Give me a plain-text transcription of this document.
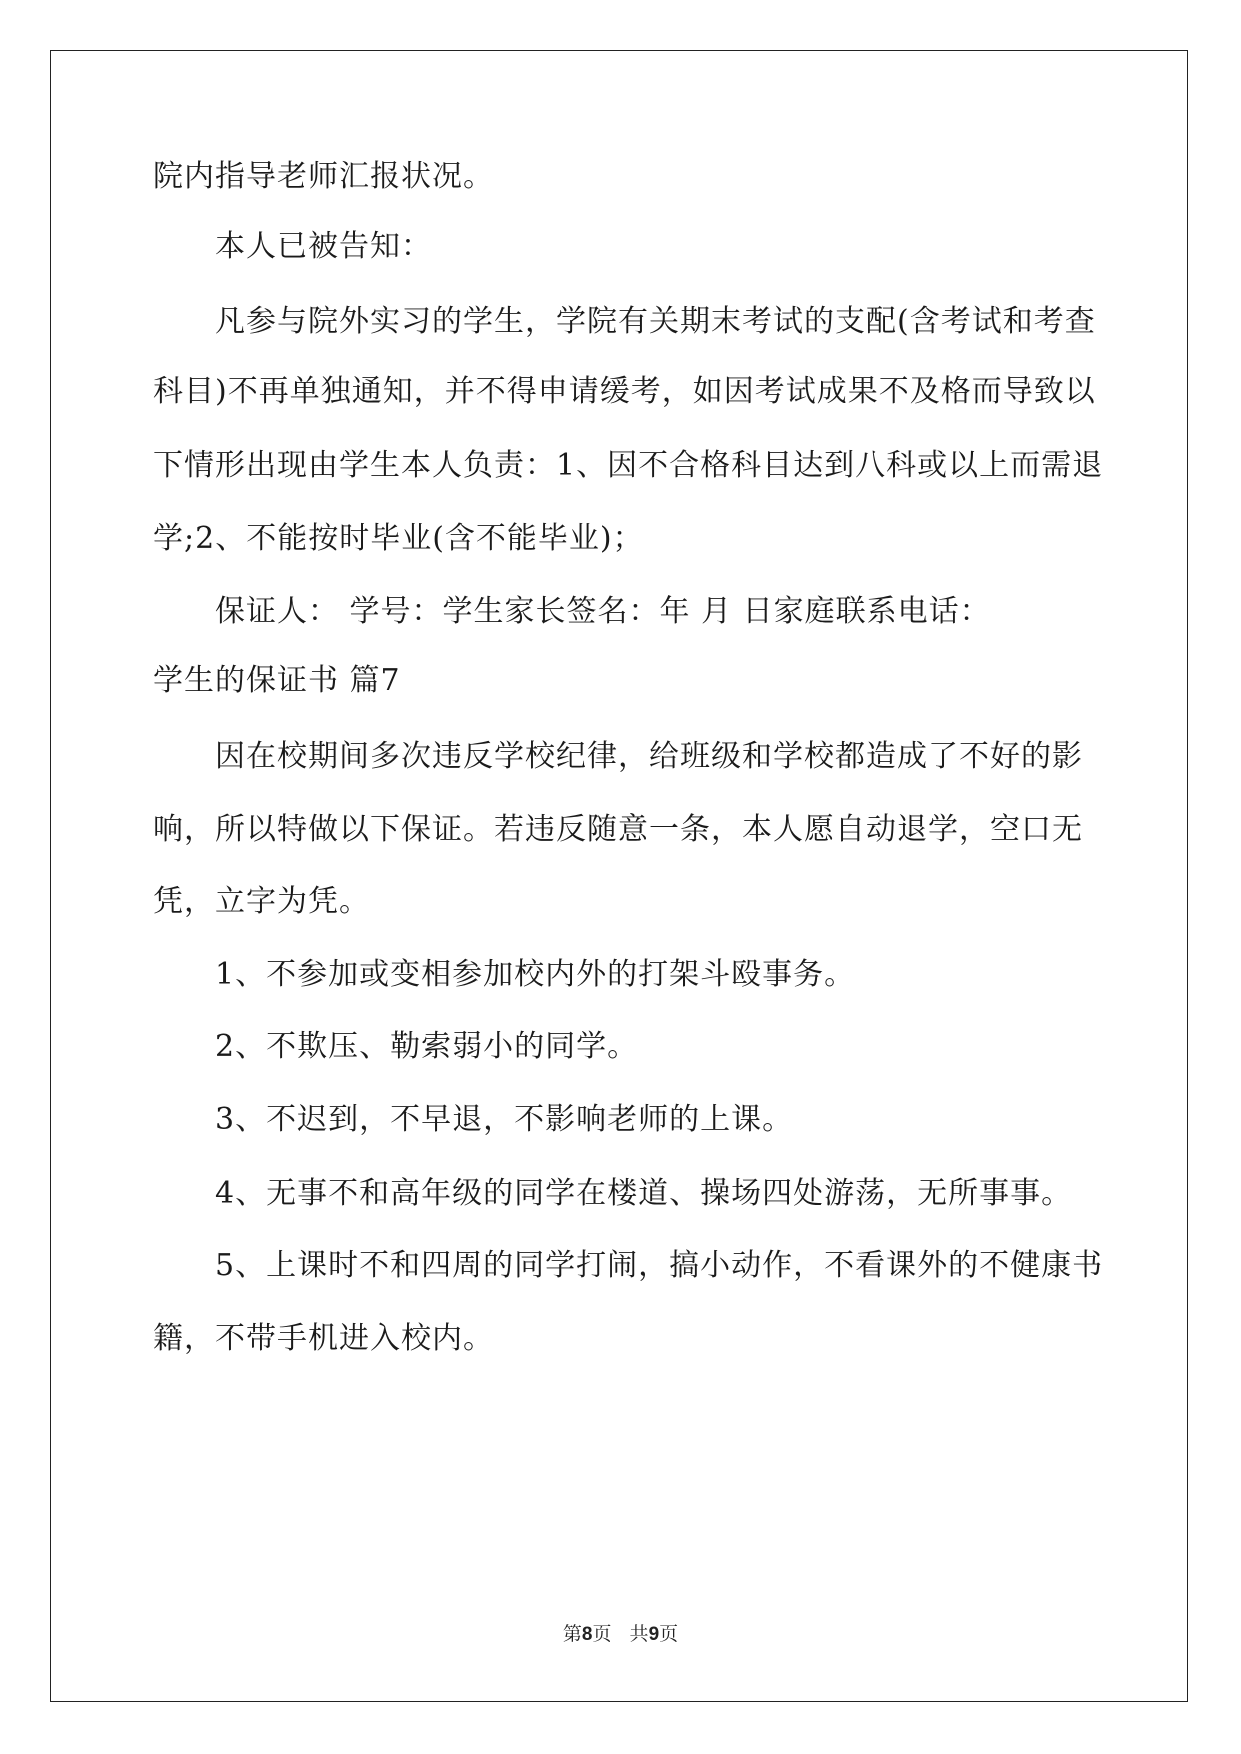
院内指导老师汇报状况。
本人已被告知：
凡参与院外实习的学生，学院有关期末考试的支配(含考试和考查
科目)不再单独通知，并不得申请缓考，如因考试成果不及格而导致以
下情形出现由学生本人负责：1、因不合格科目达到八科或以上而需退
学;2、不能按时毕业(含不能毕业)；
保证人： 学号：学生家长签名：年 月 日家庭联系电话：
学生的保证书 篇7
因在校期间多次违反学校纪律，给班级和学校都造成了不好的影
响，所以特做以下保证。若违反随意一条，本人愿自动退学，空口无
凭，立字为凭。
1、不参加或变相参加校内外的打架斗殴事务。
2、不欺压、勒索弱小的同学。
3、不迟到，不早退，不影响老师的上课。
4、无事不和高年级的同学在楼道、操场四处游荡，无所事事。
5、上课时不和四周的同学打闹，搞小动作，不看课外的不健康书
籍，不带手机进入校内。
第8页   共9页
